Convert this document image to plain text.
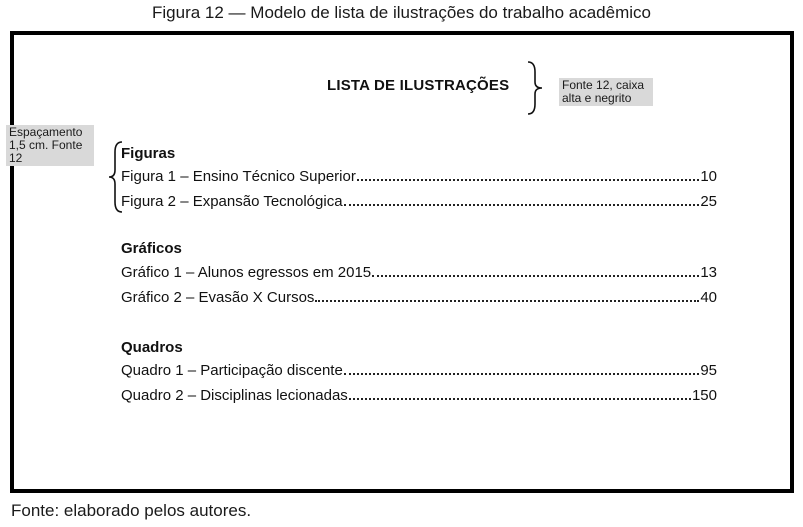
Figura 12 — Modelo de lista de ilustrações do trabalho acadêmico
LISTA DE ILUSTRAÇÕES	Fonte 12, caixa alta e negrito
Figuras
Figura 1 – Ensino Técnico Superior	10
Figura 2 – Expansão Tecnológica	25
Gráficos
Gráfico 1 – Alunos egressos em 2015	13
Gráfico 2 – Evasão X Cursos	40
Quadros
Quadro 1 – Participação discente	95
Quadro 2 – Disciplinas lecionadas	150
Espaçamento 1,5 cm. Fonte 12
Fonte: elaborado pelos autores.
